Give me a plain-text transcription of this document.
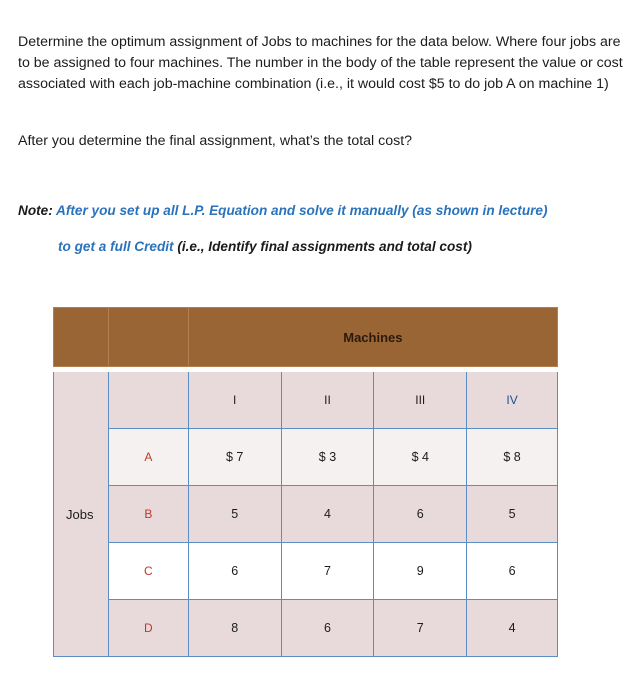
Determine the optimum assignment of Jobs to machines for the data below. Where four jobs are to be assigned to four machines. The number in the body of the table represent the value or cost associated with each job-machine combination (i.e., it would cost $5 to do job A on machine 1)

After you determine the final assignment, what’s the total cost?

Note: After you set up all L.P. Equation and solve it manually (as shown in lecture)

to get a full Credit (i.e., Identify final assignments and total cost)

		Machines			

Jobs		I	II	III	IV
	A	$ 7	$ 3	$ 4	$ 8
	B	5	4	6	5
	C	6	7	9	6
	D	8	6	7	4
